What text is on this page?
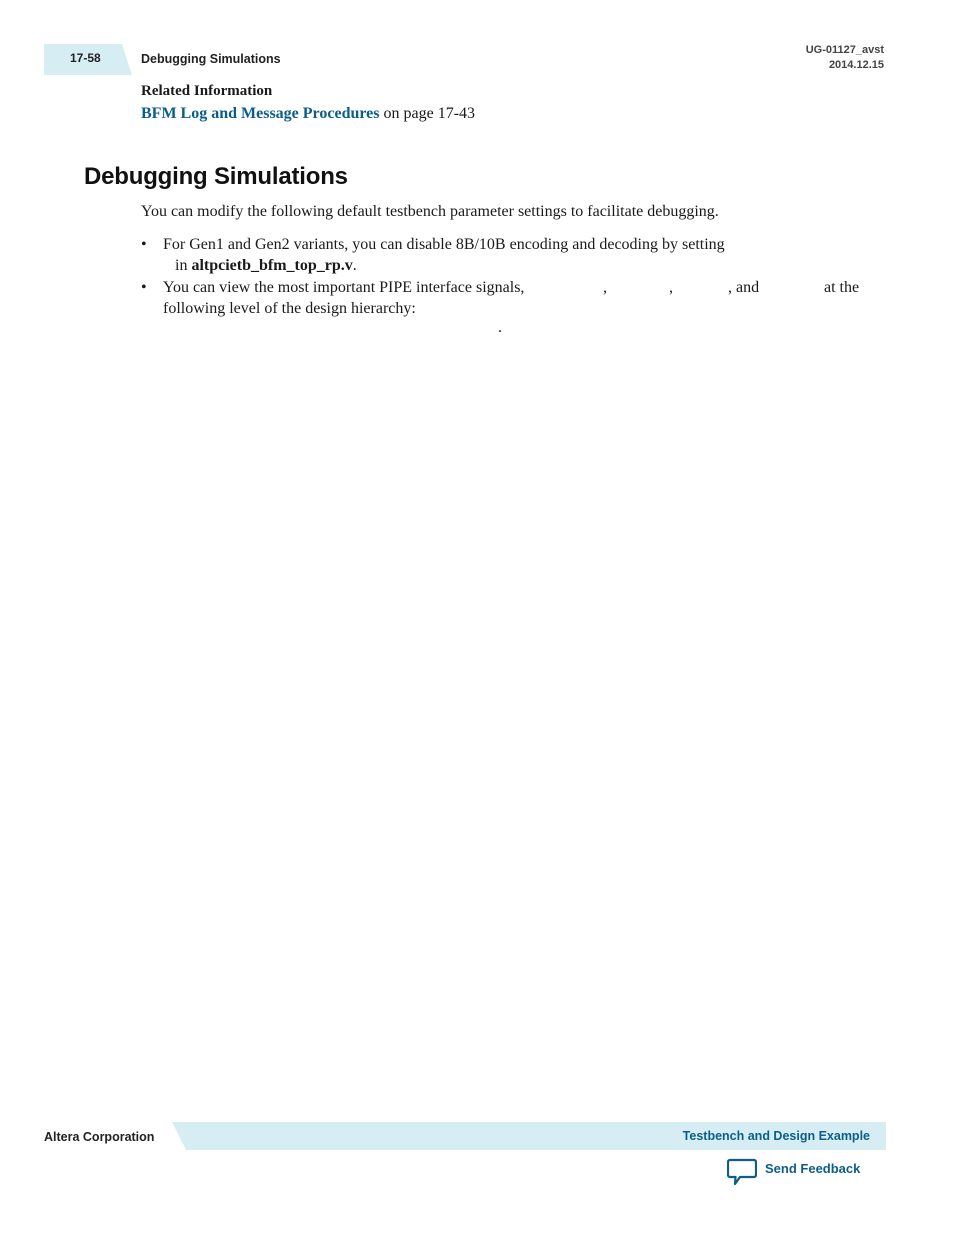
17-58	Debugging Simulations
UG-01127_avst
2014.12.15
Related Information
BFM Log and Message Procedures on page 17-43
Debugging Simulations
You can modify the following default testbench parameter settings to facilitate debugging.
• For Gen1 and Gen2 variants, you can disable 8B/10B encoding and decoding by setting
in altpcietb_bfm_top_rp.v.
• You can view the most important PIPE interface signals,	,	,	, and	at the
following level of the design hierarchy:
.
Altera Corporation	Testbench and Design Example
Send Feedback
